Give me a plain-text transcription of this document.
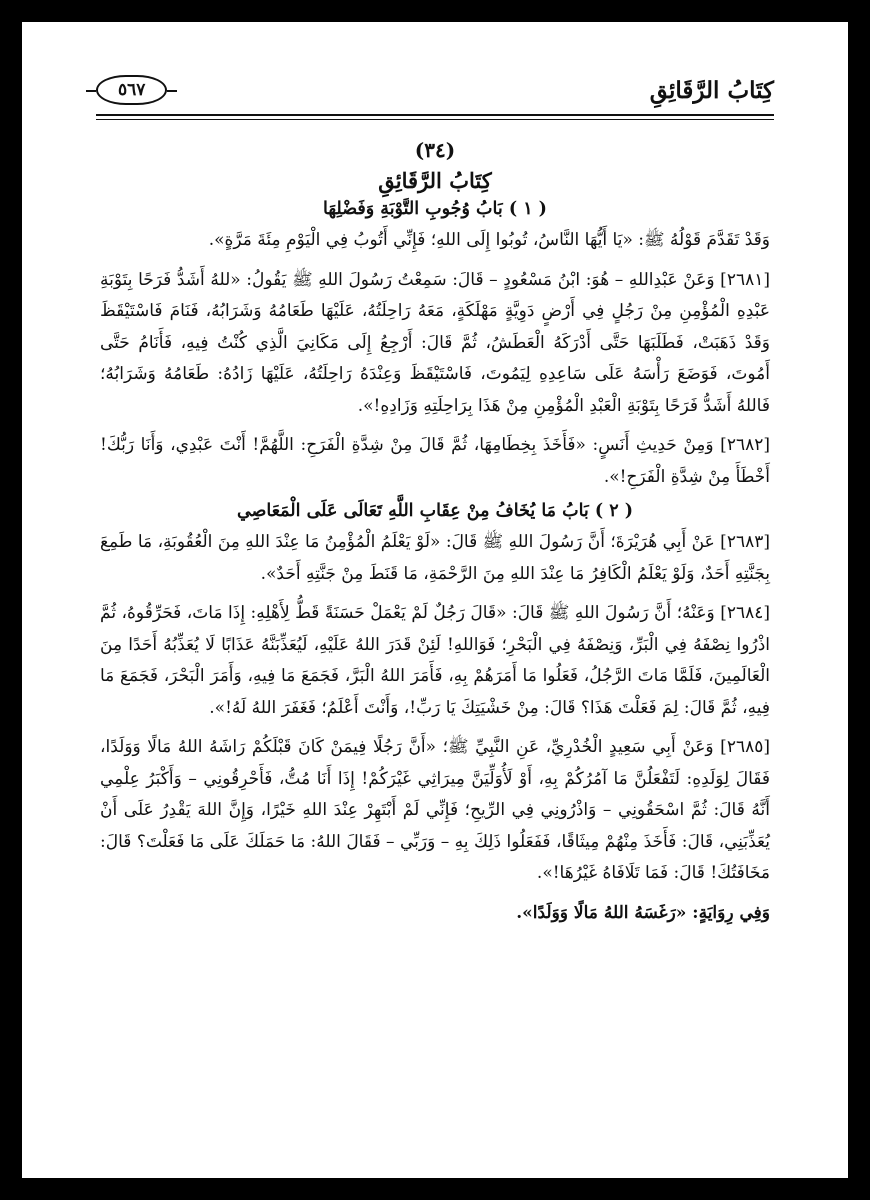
كِتَابُ الرَّقَائِقِ
٥٦٧
(٣٤)
كِتَابُ الرَّقَائِقِ
( ١ ) بَابُ وُجُوبِ التَّوْبَةِ وَفَضْلِهَا

وَقَدْ تَقَدَّمَ قَوْلُهُ ﷺ: «يَا أَيُّهَا النَّاسُ، تُوبُوا إِلَى اللهِ؛ فَإِنِّي أَتُوبُ فِي الْيَوْمِ مِئَةَ مَرَّةٍ».

[٢٦٨١] وَعَنْ عَبْدِاللهِ – هُوَ: ابْنُ مَسْعُودٍ – قَالَ: سَمِعْتُ رَسُولَ اللهِ ﷺ يَقُولُ: «للهُ أَشَدُّ فَرَحًا بِتَوْبَةِ عَبْدِهِ الْمُؤْمِنِ مِنْ رَجُلٍ فِي أَرْضٍ دَوِيَّةٍ مَهْلَكَةٍ، مَعَهُ رَاحِلَتُهُ، عَلَيْهَا طَعَامُهُ وَشَرَابُهُ، فَنَامَ فَاسْتَيْقَظَ وَقَدْ ذَهَبَتْ، فَطَلَبَهَا حَتَّى أَدْرَكَهُ الْعَطَشُ، ثُمَّ قَالَ: أَرْجِعُ إِلَى مَكَانِيَ الَّذِي كُنْتُ فِيهِ، فَأَنَامُ حَتَّى أَمُوتَ، فَوَضَعَ رَأْسَهُ عَلَى سَاعِدِهِ لِيَمُوتَ، فَاسْتَيْقَظَ وَعِنْدَهُ رَاحِلَتُهُ، عَلَيْهَا زَادُهُ: طَعَامُهُ وَشَرَابُهُ؛ فَاللهُ أَشَدُّ فَرَحًا بِتَوْبَةِ الْعَبْدِ الْمُؤْمِنِ مِنْ هَذَا بِرَاحِلَتِهِ وَزَادِهِ!».

[٢٦٨٢] وَمِنْ حَدِيثِ أَنَسٍ: «فَأَخَذَ بِخِطَامِهَا، ثُمَّ قَالَ مِنْ شِدَّةِ الْفَرَحِ: اللَّهُمَّ! أَنْتَ عَبْدِي، وَأَنَا رَبُّكَ! أَخْطَأَ مِنْ شِدَّةِ الْفَرَحِ!».

( ٢ ) بَابُ مَا يُخَافُ مِنْ عِقَابِ اللَّهِ تَعَالَى عَلَى الْمَعَاصِي

[٢٦٨٣] عَنْ أَبِي هُرَيْرَةَ؛ أَنَّ رَسُولَ اللهِ ﷺ قَالَ: «لَوْ يَعْلَمُ الْمُؤْمِنُ مَا عِنْدَ اللهِ مِنَ الْعُقُوبَةِ، مَا طَمِعَ بِجَنَّتِهِ أَحَدٌ، وَلَوْ يَعْلَمُ الْكَافِرُ مَا عِنْدَ اللهِ مِنَ الرَّحْمَةِ، مَا قَنَطَ مِنْ جَنَّتِهِ أَحَدٌ».

[٢٦٨٤] وَعَنْهُ؛ أَنَّ رَسُولَ اللهِ ﷺ قَالَ: «قَالَ رَجُلٌ لَمْ يَعْمَلْ حَسَنَةً قَطُّ لِأَهْلِهِ: إِذَا مَاتَ، فَحَرِّقُوهُ، ثُمَّ اذْرُوا نِصْفَهُ فِي الْبَرِّ، وَنِصْفَهُ فِي الْبَحْرِ؛ فَوَاللهِ! لَئِنْ قَدَرَ اللهُ عَلَيْهِ، لَيُعَذِّبَنَّهُ عَذَابًا لَا يُعَذِّبُهُ أَحَدًا مِنَ الْعَالَمِينَ، فَلَمَّا مَاتَ الرَّجُلُ، فَعَلُوا مَا أَمَرَهُمْ بِهِ، فَأَمَرَ اللهُ الْبَرَّ، فَجَمَعَ مَا فِيهِ، وَأَمَرَ الْبَحْرَ، فَجَمَعَ مَا فِيهِ، ثُمَّ قَالَ: لِمَ فَعَلْتَ هَذَا؟ قَالَ: مِنْ خَشْيَتِكَ يَا رَبِّ!، وَأَنْتَ أَعْلَمُ؛ فَغَفَرَ اللهُ لَهُ!».

[٢٦٨٥] وَعَنْ أَبِي سَعِيدٍ الْخُدْرِيِّ، عَنِ النَّبِيِّ ﷺ؛ «أَنَّ رَجُلًا فِيمَنْ كَانَ قَبْلَكُمْ رَاشَهُ اللهُ مَالًا وَوَلَدًا، فَقَالَ لِوَلَدِهِ: لَتَفْعَلُنَّ مَا آمُرُكُمْ بِهِ، أَوْ لَأُوَلِّيَنَّ مِيرَاثِي غَيْرَكُمْ! إِذَا أَنَا مُتُّ، فَأَحْرِقُونِي – وَأَكْبَرُ عِلْمِي أَنَّهُ قَالَ: ثُمَّ اسْحَقُونِي – وَاذْرُونِي فِي الرِّيحِ؛ فَإِنِّي لَمْ أَبْتَهِرْ عِنْدَ اللهِ خَيْرًا، وَإِنَّ اللهَ يَقْدِرُ عَلَى أَنْ يُعَذِّبَنِي، قَالَ: فَأَخَذَ مِنْهُمْ مِيثَاقًا، فَفَعَلُوا ذَلِكَ بِهِ – وَرَبِّي – فَقَالَ اللهُ: مَا حَمَلَكَ عَلَى مَا فَعَلْتَ؟ قَالَ: مَخَافَتُكَ! قَالَ: فَمَا تَلَافَاهُ غَيْرُهَا!».

وَفِي رِوَايَةٍ: «رَغَسَهُ اللهُ مَالًا وَوَلَدًا».
